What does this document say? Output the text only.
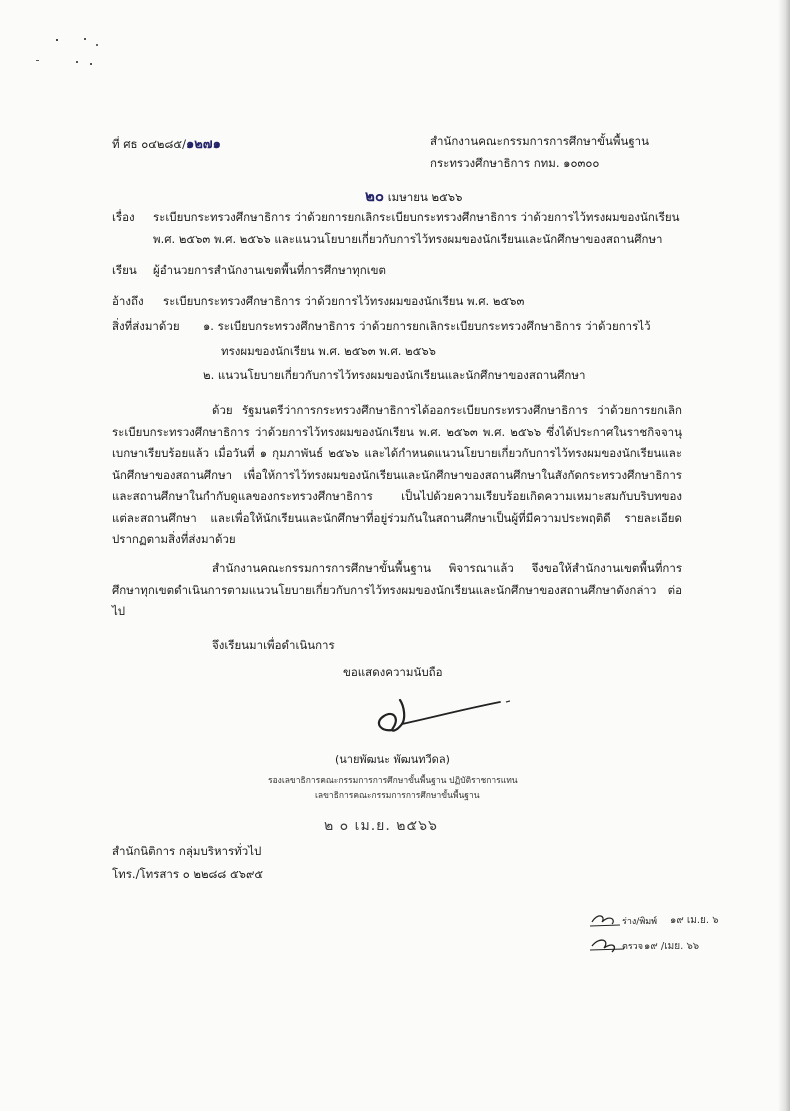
ที่ ศธ ๐๔๒๘๕/๑๒๗๑	สำนักงานคณะกรรมการการศึกษาขั้นพื้นฐาน
กระทรวงศึกษาธิการ กทม. ๑๐๓๐๐
๒๐ เมษายน ๒๕๖๖
เรื่อง ระเบียบกระทรวงศึกษาธิการ ว่าด้วยการยกเลิกระเบียบกระทรวงศึกษาธิการ ว่าด้วยการไว้ทรงผมของนักเรียน
พ.ศ. ๒๕๖๓ พ.ศ. ๒๕๖๖ และแนวนโยบายเกี่ยวกับการไว้ทรงผมของนักเรียนและนักศึกษาของสถานศึกษา
เรียน ผู้อำนวยการสำนักงานเขตพื้นที่การศึกษาทุกเขต
อ้างถึง ระเบียบกระทรวงศึกษาธิการ ว่าด้วยการไว้ทรงผมของนักเรียน พ.ศ. ๒๕๖๓
สิ่งที่ส่งมาด้วย ๑. ระเบียบกระทรวงศึกษาธิการ ว่าด้วยการยกเลิกระเบียบกระทรวงศึกษาธิการ ว่าด้วยการไว้
ทรงผมของนักเรียน พ.ศ. ๒๕๖๓ พ.ศ. ๒๕๖๖
๒. แนวนโยบายเกี่ยวกับการไว้ทรงผมของนักเรียนและนักศึกษาของสถานศึกษา
ด้วย รัฐมนตรีว่าการกระทรวงศึกษาธิการได้ออกระเบียบกระทรวงศึกษาธิการ ว่าด้วยการยกเลิกระเบียบกระทรวงศึกษาธิการ ว่าด้วยการไว้ทรงผมของนักเรียน พ.ศ. ๒๕๖๓ พ.ศ. ๒๕๖๖ ซึ่งได้ประกาศในราชกิจจานุเบกษาเรียบร้อยแล้ว เมื่อวันที่ ๑ กุมภาพันธ์ ๒๕๖๖ และได้กำหนดแนวนโยบายเกี่ยวกับการไว้ทรงผมของนักเรียนและนักศึกษาของสถานศึกษา เพื่อให้การไว้ทรงผมของนักเรียนและนักศึกษาของสถานศึกษาในสังกัดกระทรวงศึกษาธิการและสถานศึกษาในกำกับดูแลของกระทรวงศึกษาธิการ เป็นไปด้วยความเรียบร้อยเกิดความเหมาะสมกับบริบทของแต่ละสถานศึกษา และเพื่อให้นักเรียนและนักศึกษาที่อยู่ร่วมกันในสถานศึกษาเป็นผู้ที่มีความประพฤติดี รายละเอียดปรากฏตามสิ่งที่ส่งมาด้วย
สำนักงานคณะกรรมการการศึกษาขั้นพื้นฐาน พิจารณาแล้ว จึงขอให้สำนักงานเขตพื้นที่การศึกษาทุกเขตดำเนินการตามแนวนโยบายเกี่ยวกับการไว้ทรงผมของนักเรียนและนักศึกษาของสถานศึกษาดังกล่าว ต่อไป
จึงเรียนมาเพื่อดำเนินการ
ขอแสดงความนับถือ
(นายพัฒนะ พัฒนทวีดล)
รองเลขาธิการคณะกรรมการการศึกษาขั้นพื้นฐาน ปฏิบัติราชการแทน
เลขาธิการคณะกรรมการการศึกษาขั้นพื้นฐาน
๒ ๐ เม.ย. ๒๕๖๖
สำนักนิติการ กลุ่มบริหารทั่วไป
โทร./โทรสาร ๐ ๒๒๘๘ ๕๖๙๕
ร่าง/พิมพ์ ๑๙ เม.ย. ๖
ตรวจ ๑๙ /เมย. ๖๖
